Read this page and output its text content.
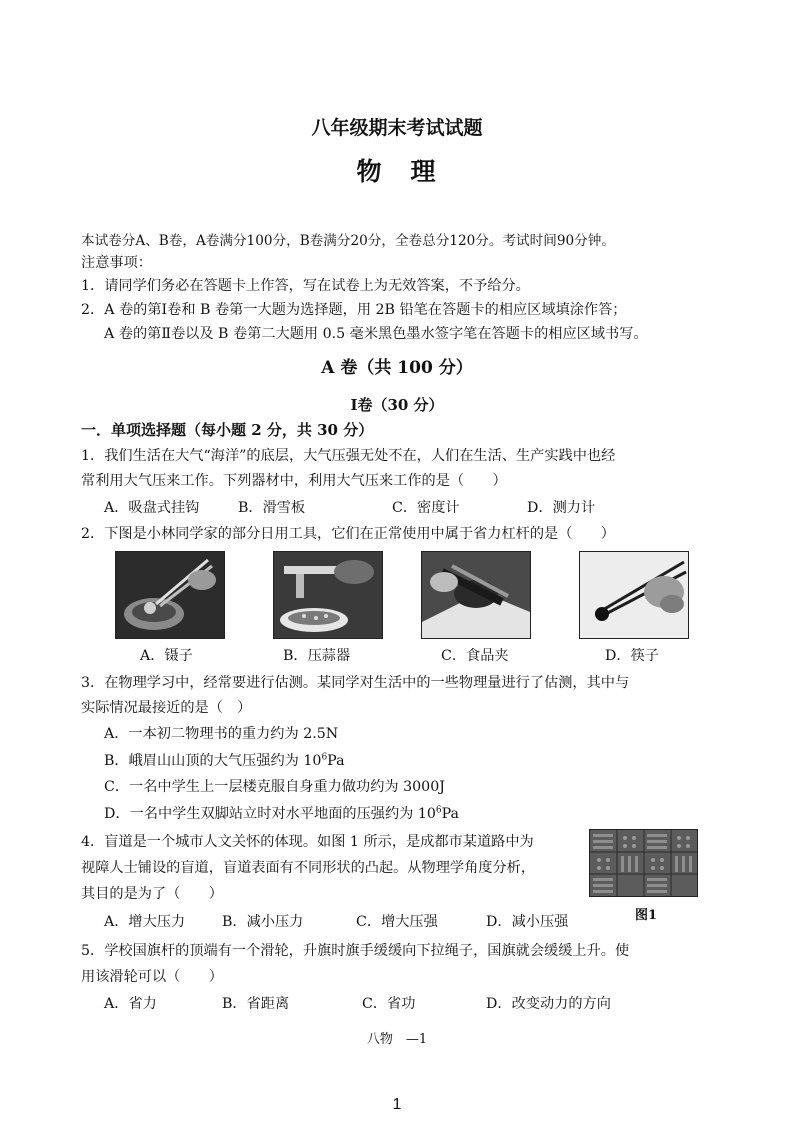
八年级期末考试试题
物　理
本试卷分A、B卷，A卷满分100分，B卷满分20分，全卷总分120分。考试时间90分钟。
注意事项：
1．请同学们务必在答题卡上作答，写在试卷上为无效答案，不予给分。
2．A 卷的第Ⅰ卷和 B 卷第一大题为选择题，用 2B 铅笔在答题卡的相应区域填涂作答；
A 卷的第Ⅱ卷以及 B 卷第二大题用 0.5 毫米黑色墨水签字笔在答题卡的相应区域书写。
A 卷（共 100 分）
Ⅰ卷（30 分）
一．单项选择题（每小题 2 分，共 30 分）
1．我们生活在大气“海洋”的底层，大气压强无处不在，人们在生活、生产实践中也经
常利用大气压来工作。下列器材中，利用大气压来工作的是（　　）
A．吸盘式挂钩	B．滑雪板	C．密度计	D．测力计
2．下图是小林同学家的部分日用工具，它们在正常使用中属于省力杠杆的是（　　）
A．镊子	B．压蒜器	C．食品夹	D．筷子
3．在物理学习中，经常要进行估测。某同学对生活中的一些物理量进行了估测，其中与
实际情况最接近的是（　）
A．一本初二物理书的重力约为 2.5N
B．峨眉山山顶的大气压强约为 $10^6Pa$
C．一名中学生上一层楼克服自身重力做功约为 3000J
D．一名中学生双脚站立时对水平地面的压强约为 $10^6Pa$
4．盲道是一个城市人文关怀的体现。如图 1 所示，是成都市某道路中为
视障人士铺设的盲道，盲道表面有不同形状的凸起。从物理学角度分析，
其目的是为了（　　）
图1
A．增大压力	B．减小压力	C．增大压强	D．减小压强
5．学校国旗杆的顶端有一个滑轮，升旗时旗手缓缓向下拉绳子，国旗就会缓缓上升。使
用该滑轮可以（　　）
A．省力	B．省距离	C．省功	D．改变动力的方向
八物　—1
1
